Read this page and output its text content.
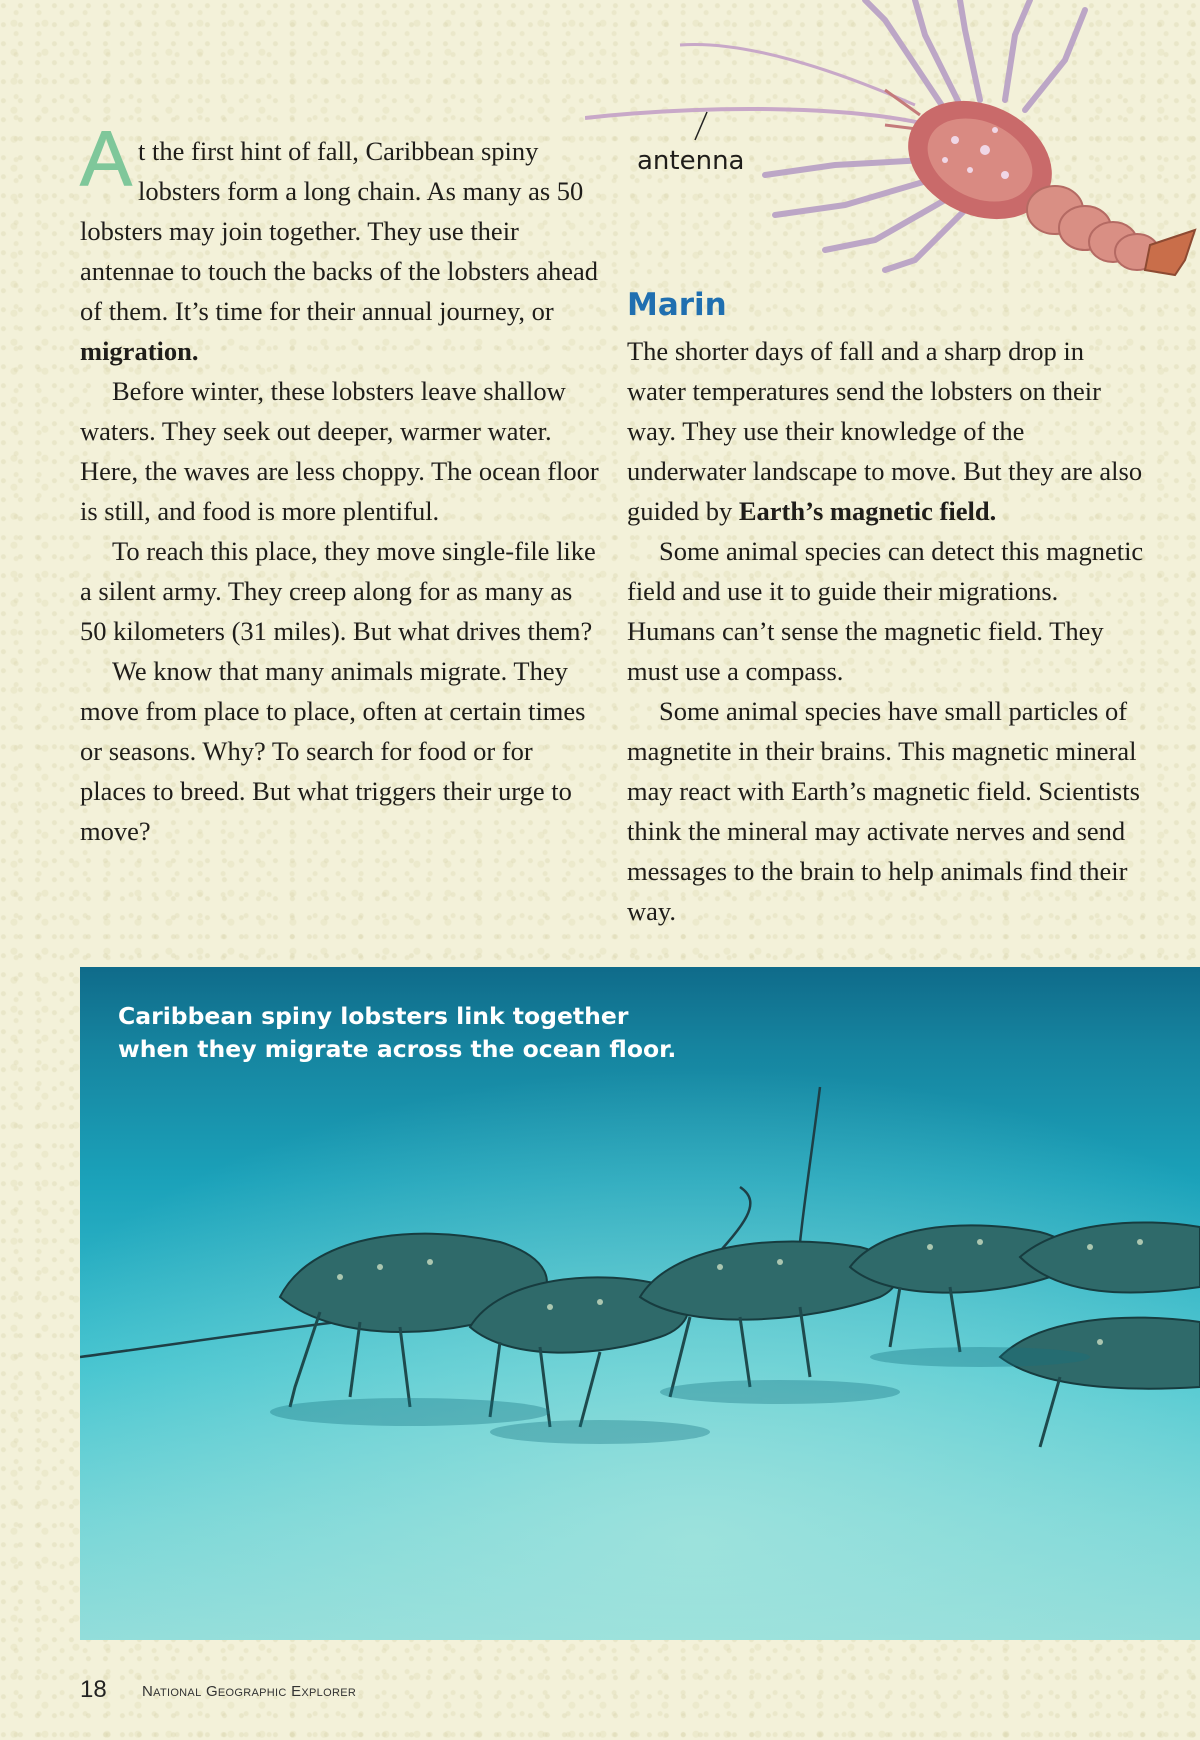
At the first hint of fall, Caribbean spiny lobsters form a long chain. As many as 50 lobsters may join together. They use their antennae to touch the backs of the lobsters ahead of them. It’s time for their annual journey, or migration.

Before winter, these lobsters leave shallow waters. They seek out deeper, warmer water. Here, the waves are less choppy. The ocean floor is still, and food is more plentiful.

To reach this place, they move single-file like a silent army. They creep along for as many as 50 kilometers (31 miles). But what drives them?

We know that many animals migrate. They move from place to place, often at certain times or seasons. Why? To search for food or for places to breed. But what triggers their urge to move?

antenna

Marin

The shorter days of fall and a sharp drop in water temperatures send the lobsters on their way. They use their knowledge of the underwater landscape to move. But they are also guided by Earth’s magnetic field.

Some animal species can detect this magnetic field and use it to guide their migrations. Humans can’t sense the magnetic field. They must use a compass.

Some animal species have small particles of magnetite in their brains. This magnetic mineral may react with Earth’s magnetic field. Scientists think the mineral may activate nerves and send messages to the brain to help animals find their way.

Caribbean spiny lobsters link together when they migrate across the ocean floor.

18 National Geographic Explorer
